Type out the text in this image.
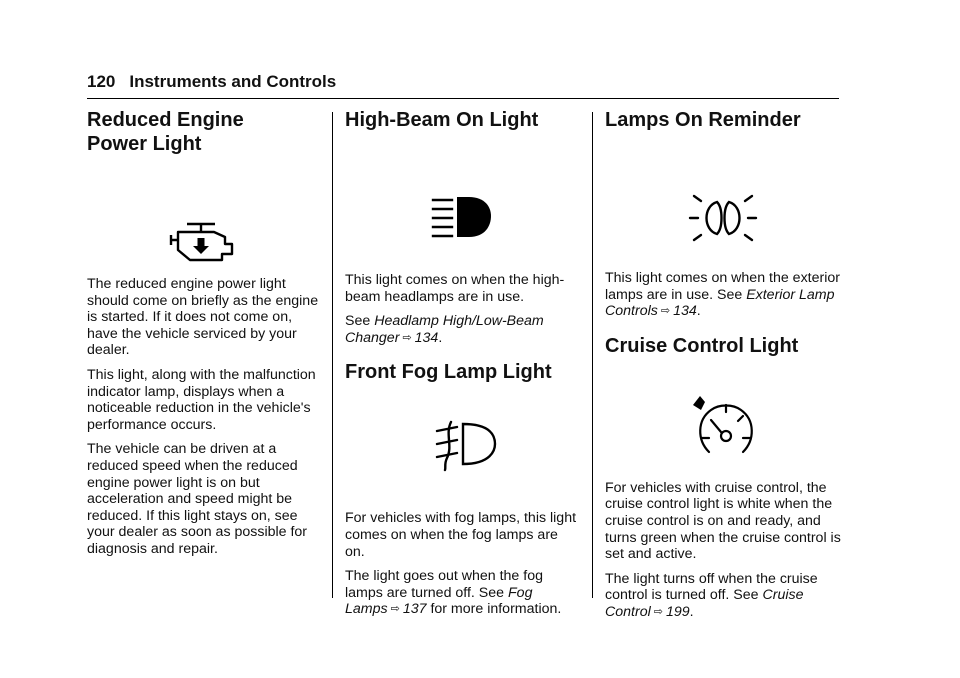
120 Instruments and Controls
Reduced Engine Power Light

The reduced engine power light should come on briefly as the engine is started. If it does not come on, have the vehicle serviced by your dealer.

This light, along with the malfunction indicator lamp, displays when a noticeable reduction in the vehicle's performance occurs.

The vehicle can be driven at a reduced speed when the reduced engine power light is on but acceleration and speed might be reduced. If this light stays on, see your dealer as soon as possible for diagnosis and repair.

High-Beam On Light

This light comes on when the high-beam headlamps are in use.

See Headlamp High/Low-Beam Changer ⇨ 134.

Front Fog Lamp Light

For vehicles with fog lamps, this light comes on when the fog lamps are on.

The light goes out when the fog lamps are turned off. See Fog Lamps ⇨ 137 for more information.

Lamps On Reminder

This light comes on when the exterior lamps are in use. See Exterior Lamp Controls ⇨ 134.

Cruise Control Light

For vehicles with cruise control, the cruise control light is white when the cruise control is on and ready, and turns green when the cruise control is set and active.

The light turns off when the cruise control is turned off. See Cruise Control ⇨ 199.
